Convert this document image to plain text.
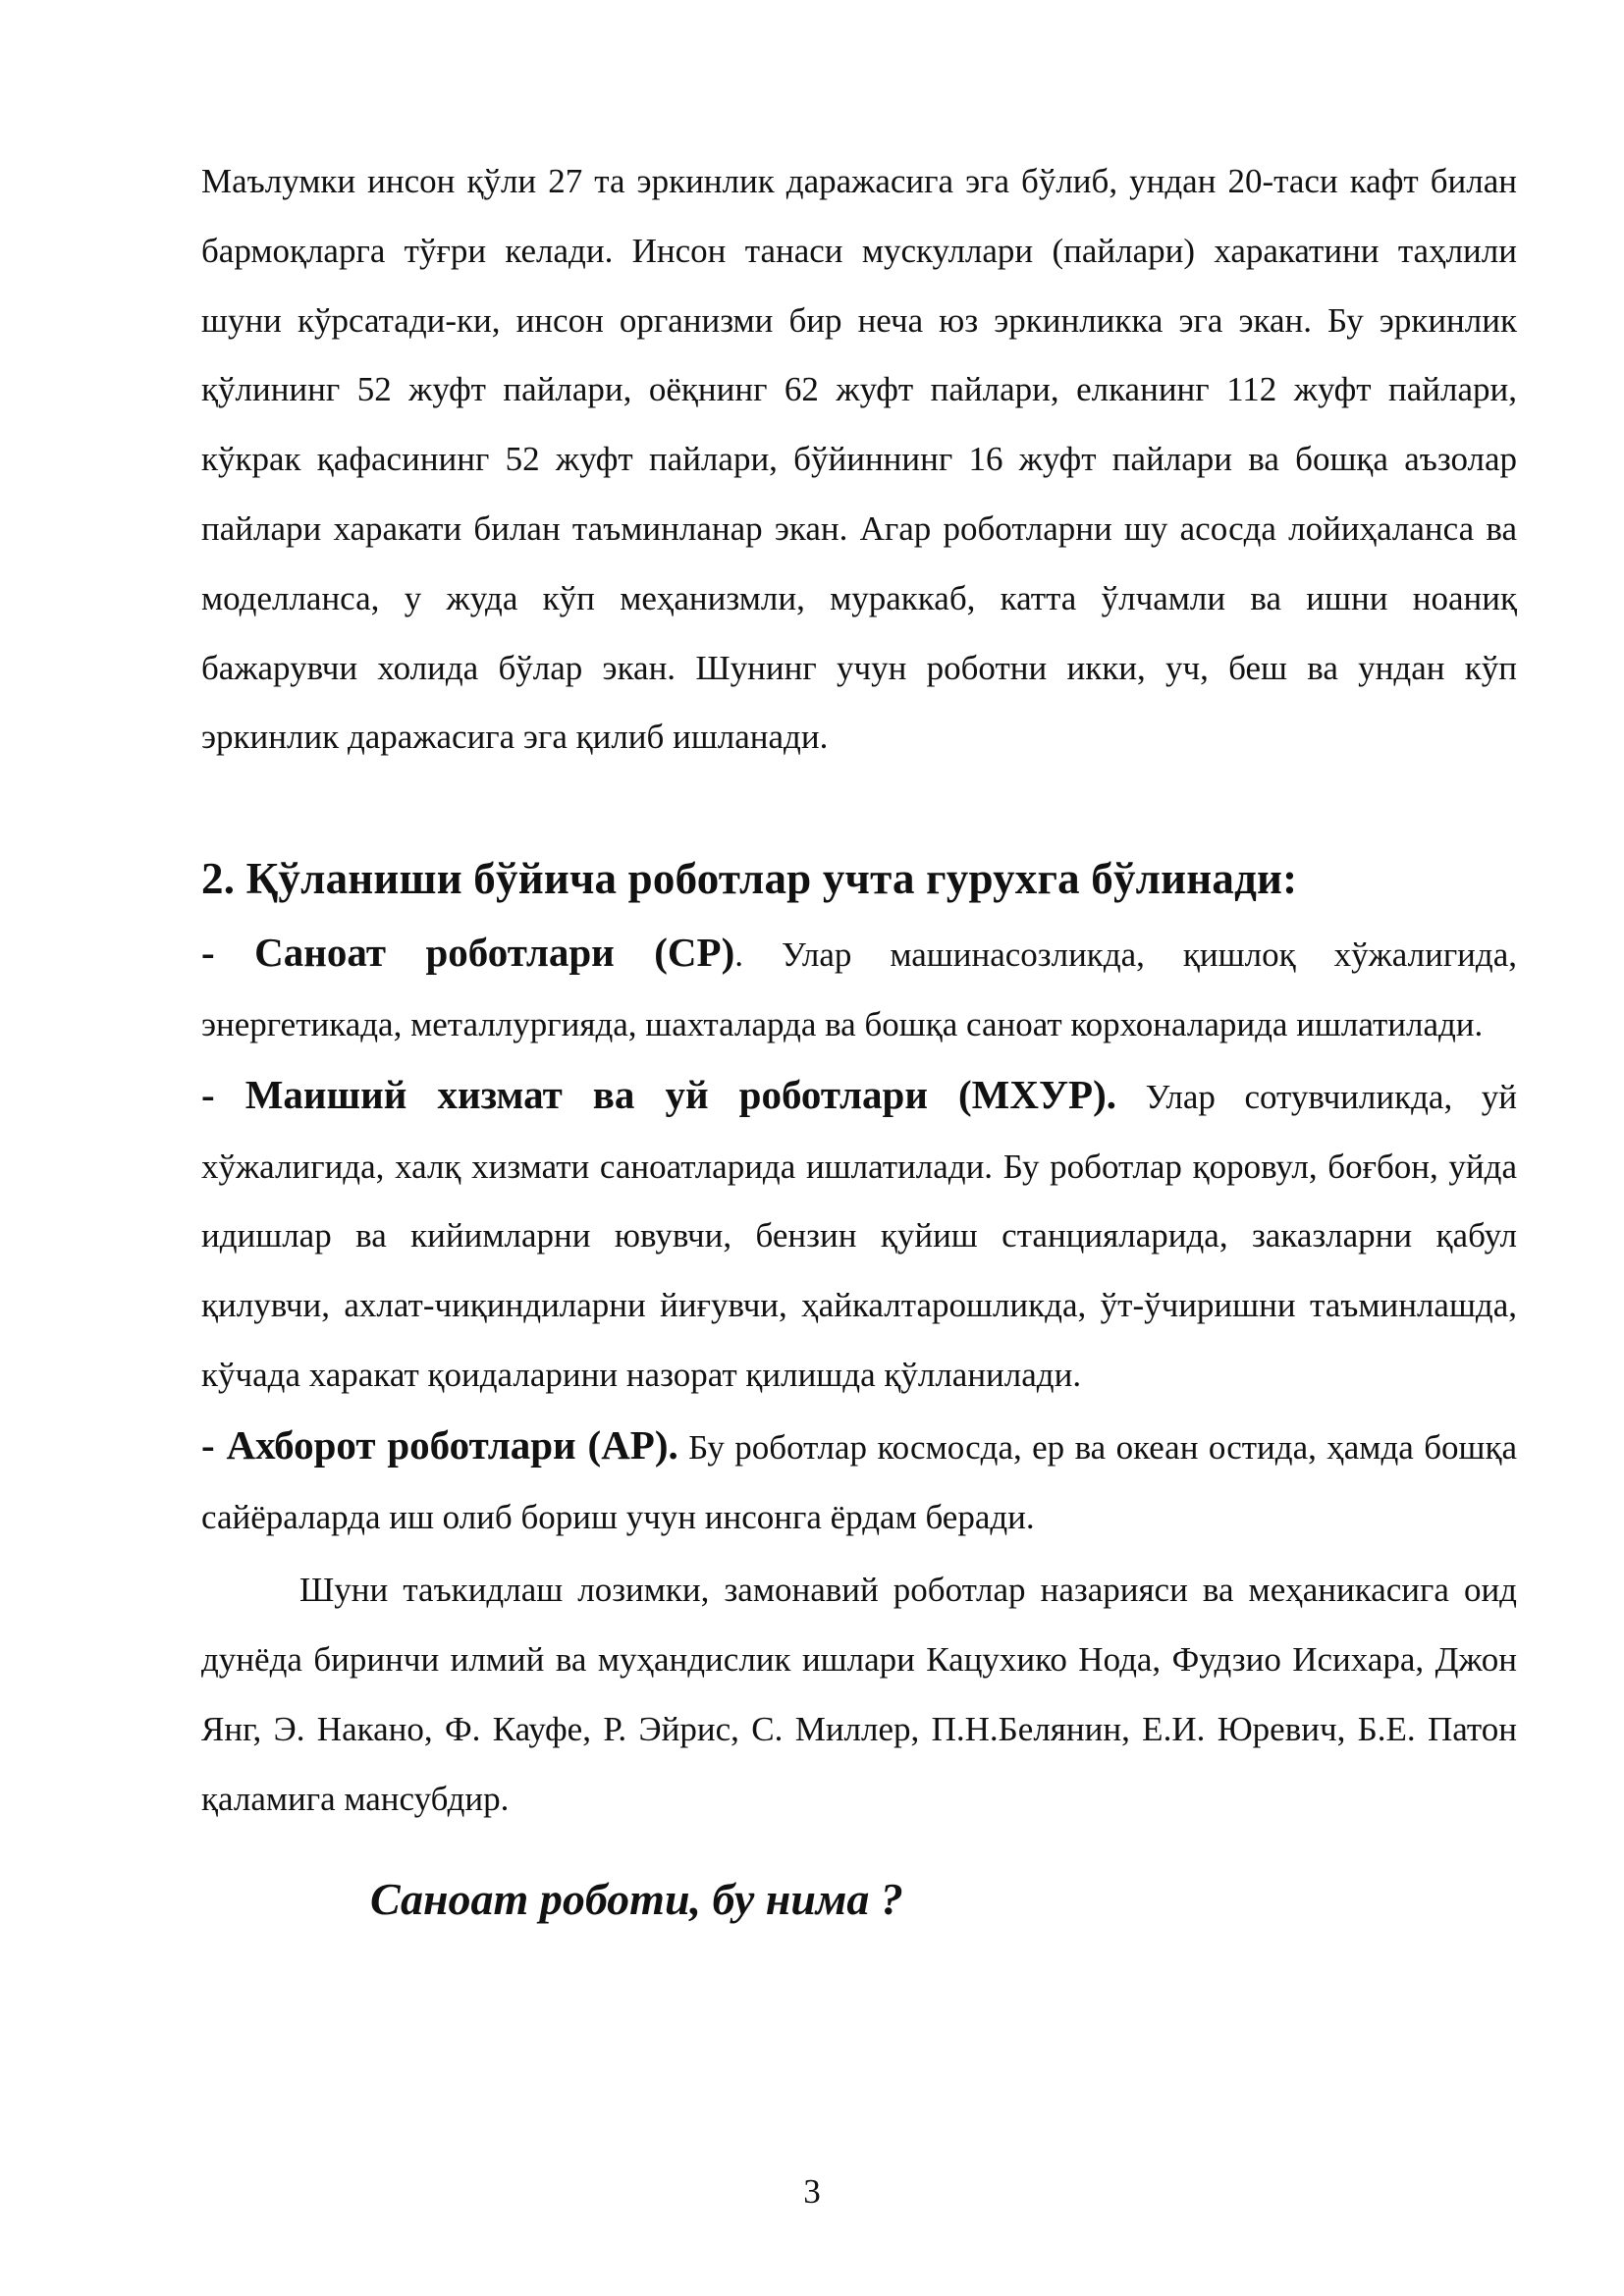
Маълумки инсон қўли 27 та эркинлик даражасига эга бўлиб, ундан 20-таси кафт билан бармоқларга тўғри келади. Инсон танаси мускуллари (пайлари) харакатини таҳлили шуни кўрсатади-ки, инсон организми бир неча юз эркинликка эга экан. Бу эркинлик қўлининг 52 жуфт пайлари, оёқнинг 62 жуфт пайлари, елканинг 112 жуфт пайлари, кўкрак қафасининг 52 жуфт пайлари, бўйиннинг 16 жуфт пайлари ва бошқа аъзолар пайлари харакати билан таъминланар экан. Агар роботларни шу асосда лойиҳаланса ва моделланса, у жуда кўп меҳанизмли, мураккаб, катта ўлчамли ва ишни ноаниқ бажарувчи холида бўлар экан. Шунинг учун роботни икки, уч, беш ва ундан кўп эркинлик даражасига эга қилиб ишланади.

2. Қўланиши бўйича роботлар учта гурухга бўлинади:

- Саноат роботлари (СР). Улар машинасозликда, қишлоқ хўжалигида, энергетикада, металлургияда, шахталарда ва бошқа саноат корхоналарида ишлатилади.

- Маиший хизмат ва уй роботлари (МХУР). Улар сотувчиликда, уй хўжалигида, халқ хизмати саноатларида ишлатилади. Бу роботлар қоровул, боғбон, уйда идишлар ва кийимларни ювувчи, бензин қуйиш станцияларида, заказларни қабул қилувчи, ахлат-чиқиндиларни йиғувчи, ҳайкалтарошликда, ўт-ўчиришни таъминлашда, кўчада харакат қоидаларини назорат қилишда қўлланилади.

- Ахборот роботлари (АР). Бу роботлар космосда, ер ва океан остида, ҳамда бошқа сайёраларда иш олиб бориш учун инсонга ёрдам беради.

Шуни таъкидлаш лозимки, замонавий роботлар назарияси ва меҳаникасига оид дунёда биринчи илмий ва муҳандислик ишлари Кацухико Нода, Фудзио Исихара, Джон Янг, Э. Накано, Ф. Кауфе, Р. Эйрис, С. Миллер, П.Н.Белянин, Е.И. Юревич, Б.Е. Патон қаламига мансубдир.

Саноат роботи, бу нима ?
3
